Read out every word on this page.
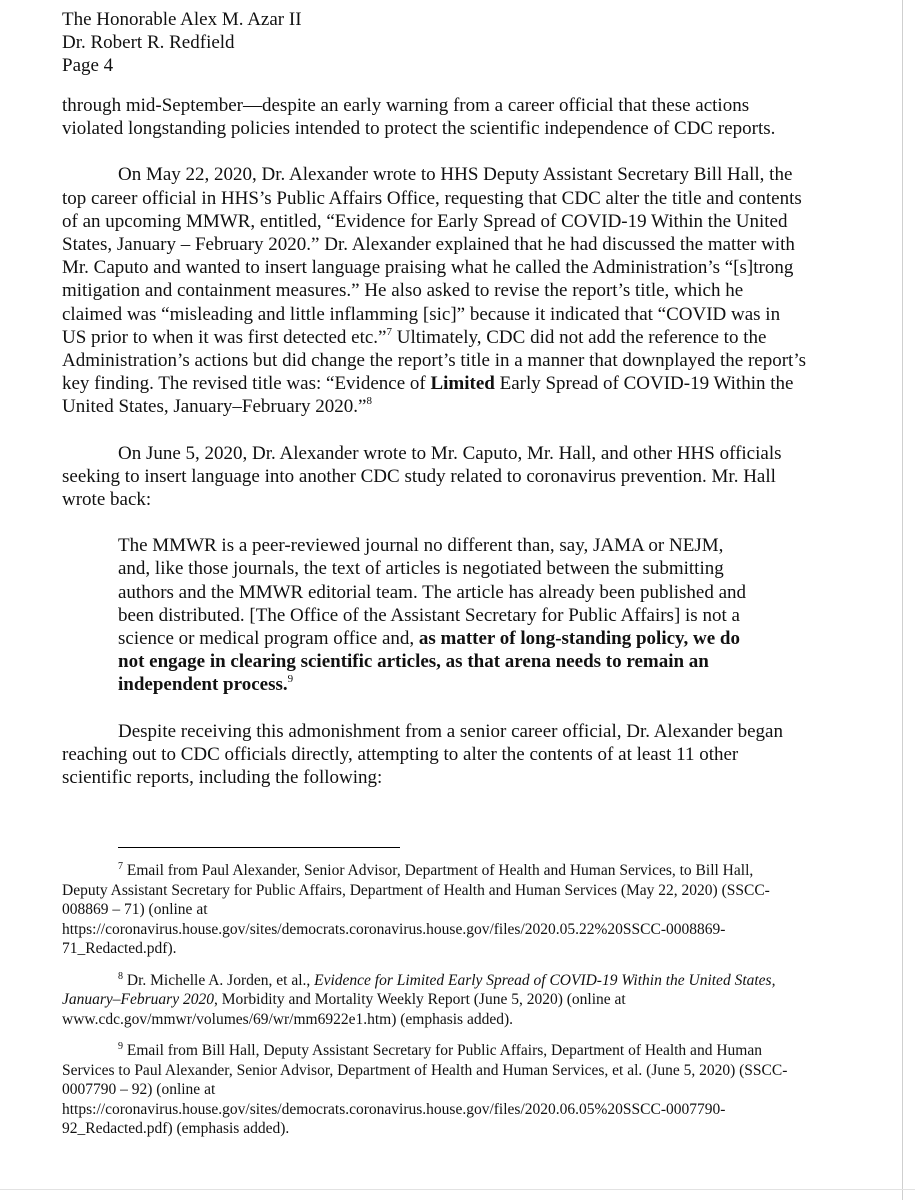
The Honorable Alex M. Azar II
Dr. Robert R. Redfield
Page 4

through mid-September—despite an early warning from a career official that these actions violated longstanding policies intended to protect the scientific independence of CDC reports.

On May 22, 2020, Dr. Alexander wrote to HHS Deputy Assistant Secretary Bill Hall, the top career official in HHS’s Public Affairs Office, requesting that CDC alter the title and contents of an upcoming MMWR, entitled, “Evidence for Early Spread of COVID-19 Within the United States, January – February 2020.” Dr. Alexander explained that he had discussed the matter with Mr. Caputo and wanted to insert language praising what he called the Administration’s “[s]trong mitigation and containment measures.” He also asked to revise the report’s title, which he claimed was “misleading and little inflamming [sic]” because it indicated that “COVID was in US prior to when it was first detected etc.”$^7$ Ultimately, CDC did not add the reference to the Administration’s actions but did change the report’s title in a manner that downplayed the report’s key finding. The revised title was: “Evidence of Limited Early Spread of COVID-19 Within the United States, January–February 2020.”$^8$

On June 5, 2020, Dr. Alexander wrote to Mr. Caputo, Mr. Hall, and other HHS officials seeking to insert language into another CDC study related to coronavirus prevention. Mr. Hall wrote back:

The MMWR is a peer-reviewed journal no different than, say, JAMA or NEJM, and, like those journals, the text of articles is negotiated between the submitting authors and the MMWR editorial team. The article has already been published and been distributed. [The Office of the Assistant Secretary for Public Affairs] is not a science or medical program office and, as matter of long-standing policy, we do not engage in clearing scientific articles, as that arena needs to remain an independent process.$^9$

Despite receiving this admonishment from a senior career official, Dr. Alexander began reaching out to CDC officials directly, attempting to alter the contents of at least 11 other scientific reports, including the following:

$^7$ Email from Paul Alexander, Senior Advisor, Department of Health and Human Services, to Bill Hall, Deputy Assistant Secretary for Public Affairs, Department of Health and Human Services (May 22, 2020) (SSCC-008869 – 71) (online at
https://coronavirus.house.gov/sites/democrats.coronavirus.house.gov/files/2020.05.22%20SSCC-0008869-
71_Redacted.pdf).

$^8$ Dr. Michelle A. Jorden, et al., Evidence for Limited Early Spread of COVID-19 Within the United States, January–February 2020, Morbidity and Mortality Weekly Report (June 5, 2020) (online at www.cdc.gov/mmwr/volumes/69/wr/mm6922e1.htm) (emphasis added).

$^9$ Email from Bill Hall, Deputy Assistant Secretary for Public Affairs, Department of Health and Human Services to Paul Alexander, Senior Advisor, Department of Health and Human Services, et al. (June 5, 2020) (SSCC-0007790 – 92) (online at
https://coronavirus.house.gov/sites/democrats.coronavirus.house.gov/files/2020.06.05%20SSCC-0007790-
92_Redacted.pdf) (emphasis added).
